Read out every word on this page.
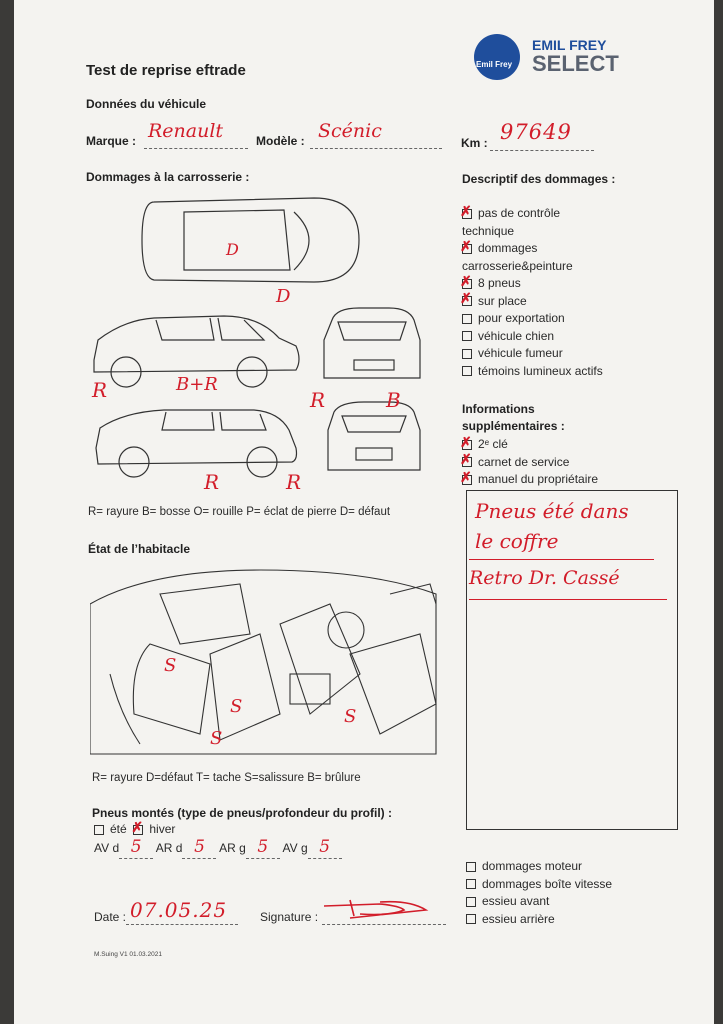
Emil Frey
EMIL FREY
SELECT
Test de reprise eftrade
Données du véhicule
Marque : Renault	Modèle : Scénic
Km : 97649
Dommages à la carrosserie :
D
D
R	B+R
R	B
R	R
R= rayure B= bosse O= rouille P= éclat de pierre D= défaut
Descriptif des dommages :
✗pas de contrôle technique
✗dommages carrosserie&peinture
✗8 pneus
✗sur place
pour exportation
véhicule chien
véhicule fumeur
témoins lumineux actifs
Informations
supplémentaires :
✗2ᵉ clé
✗carnet de service
✗manuel du propriétaire
Pneus été dans
le coffre
Retro Dr. Cassé
État de l’habitacle
S
S
S
S
R= rayure D=défaut T= tache S=salissure B= brûlure
Pneus montés (type de pneus/profondeur du profil) :
été  ✗ hiver
AV d 5 AR d 5 AR g 5 AV g 5
dommages moteur
dommages boîte vitesse
essieu avant
essieu arrière
Date : 07.05.25	Signature :
M.Suing V1 01.03.2021
